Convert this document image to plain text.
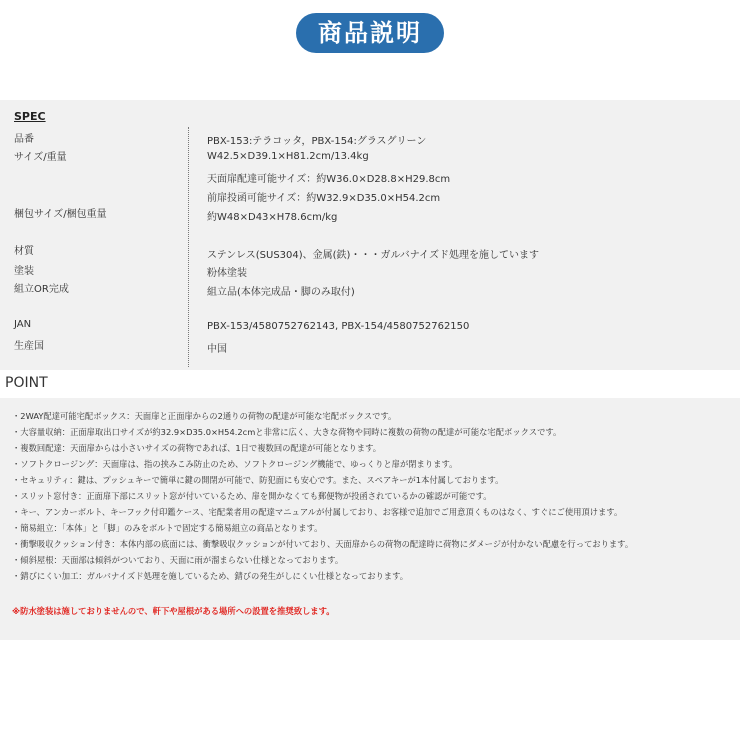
商品説明
SPEC
品番
サイズ/重量
梱包サイズ/梱包重量
材質
塗装
組立OR完成
JAN
生産国
PBX-153:テラコッタ，PBX-154:グラスグリーン
W42.5×D39.1×H81.2cm/13.4kg
天面扉配達可能サイズ：約W36.0×D28.8×H29.8cm
前扉投函可能サイズ：約W32.9×D35.0×H54.2cm
約W48×D43×H78.6cm/kg
ステンレス(SUS304)、金属(鉄)・・・ガルバナイズド処理を施しています
粉体塗装
組立品(本体完成品・脚のみ取付)
PBX-153/4580752762143, PBX-154/4580752762150
中国
POINT
・2WAY配達可能宅配ボックス：天面扉と正面扉からの2通りの荷物の配達が可能な宅配ボックスです。
・大容量収納：正面扉取出口サイズが約32.9×D35.0×H54.2cmと非常に広く、大きな荷物や同時に複数の荷物の配達が可能な宅配ボックスです。
・複数回配達：天面扉からは小さいサイズの荷物であれば、1日で複数回の配達が可能となります。
・ソフトクロージング：天面扉は、指の挟みこみ防止のため、ソフトクロージング機能で、ゆっくりと扉が閉まります。
・セキュリティ：鍵は、プッシュキーで簡単に鍵の開閉が可能で、防犯面にも安心です。また、スペアキーが1本付属しております。
・スリット窓付き：正面扉下部にスリット窓が付いているため、扉を開かなくても郵便物が投函されているかの確認が可能です。
・キー、アンカーボルト、キーフック付印鑑ケース、宅配業者用の配達マニュアルが付属しており、お客様で追加でご用意頂くものはなく、すぐにご使用頂けます。
・簡易組立：「本体」と「脚」のみをボルトで固定する簡易組立の商品となります。
・衝撃吸収クッション付き：本体内部の底面には、衝撃吸収クッションが付いており、天面扉からの荷物の配達時に荷物にダメージが付かない配慮を行っております。
・傾斜屋根：天面部は傾斜がついており、天面に雨が溜まらない仕様となっております。
・錆びにくい加工：ガルバナイズド処理を施しているため、錆びの発生がしにくい仕様となっております。
※防水塗装は施しておりませんので、軒下や屋根がある場所への設置を推奨致します。
